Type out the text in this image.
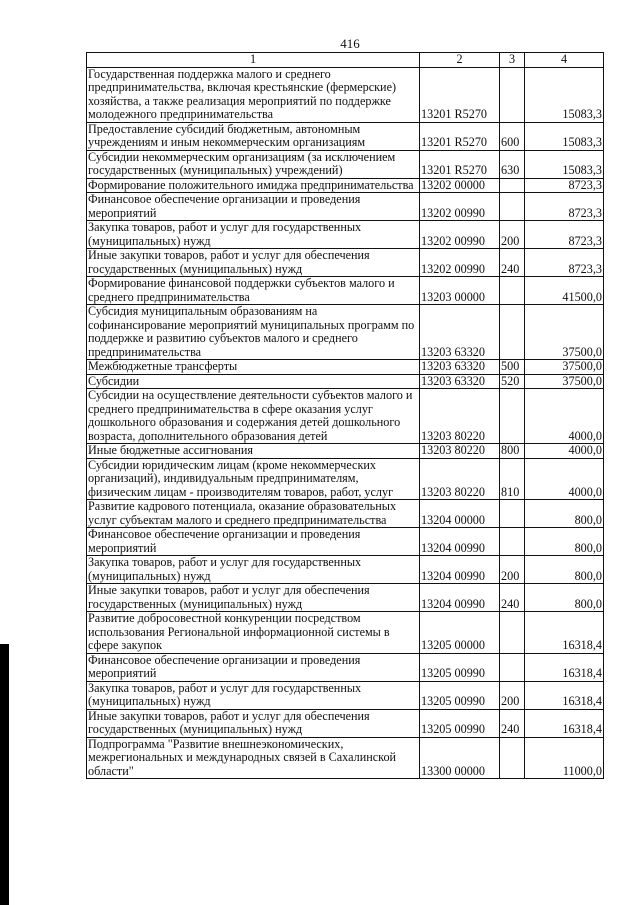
416
1	2	3	4
Государственная поддержка малого и среднего предпринимательства, включая крестьянские (фермерские) хозяйства, а также реализация мероприятий по поддержке молодежного предпринимательства	13201 R5270		15083,3
Предоставление субсидий бюджетным, автономным учреждениям и иным некоммерческим организациям	13201 R5270	600	15083,3
Субсидии некоммерческим организациям (за исключением государственных (муниципальных) учреждений)	13201 R5270	630	15083,3
Формирование положительного имиджа предпринимательства	13202 00000		8723,3
Финансовое обеспечение организации и проведения мероприятий	13202 00990		8723,3
Закупка товаров, работ и услуг для государственных (муниципальных) нужд	13202 00990	200	8723,3
Иные закупки товаров, работ и услуг для обеспечения государственных (муниципальных) нужд	13202 00990	240	8723,3
Формирование финансовой поддержки субъектов малого и среднего предпринимательства	13203 00000		41500,0
Субсидия муниципальным образованиям на софинансирование мероприятий муниципальных программ по поддержке и развитию субъектов малого и среднего предпринимательства	13203 63320		37500,0
Межбюджетные трансферты	13203 63320	500	37500,0
Субсидии	13203 63320	520	37500,0
Субсидии на осуществление деятельности субъектов малого и среднего предпринимательства в сфере оказания услуг дошкольного образования и содержания детей дошкольного возраста, дополнительного образования детей	13203 80220		4000,0
Иные бюджетные ассигнования	13203 80220	800	4000,0
Субсидии юридическим лицам (кроме некоммерческих организаций), индивидуальным предпринимателям, физическим лицам - производителям товаров, работ, услуг	13203 80220	810	4000,0
Развитие кадрового потенциала, оказание образовательных услуг субъектам малого и среднего предпринимательства	13204 00000		800,0
Финансовое обеспечение организации и проведения мероприятий	13204 00990		800,0
Закупка товаров, работ и услуг для государственных (муниципальных) нужд	13204 00990	200	800,0
Иные закупки товаров, работ и услуг для обеспечения государственных (муниципальных) нужд	13204 00990	240	800,0
Развитие добросовестной конкуренции посредством использования Региональной информационной системы в сфере закупок	13205 00000		16318,4
Финансовое обеспечение организации и проведения мероприятий	13205 00990		16318,4
Закупка товаров, работ и услуг для государственных (муниципальных) нужд	13205 00990	200	16318,4
Иные закупки товаров, работ и услуг для обеспечения государственных (муниципальных) нужд	13205 00990	240	16318,4
Подпрограмма "Развитие внешнеэкономических, межрегиональных и международных связей в Сахалинской области"	13300 00000		11000,0
